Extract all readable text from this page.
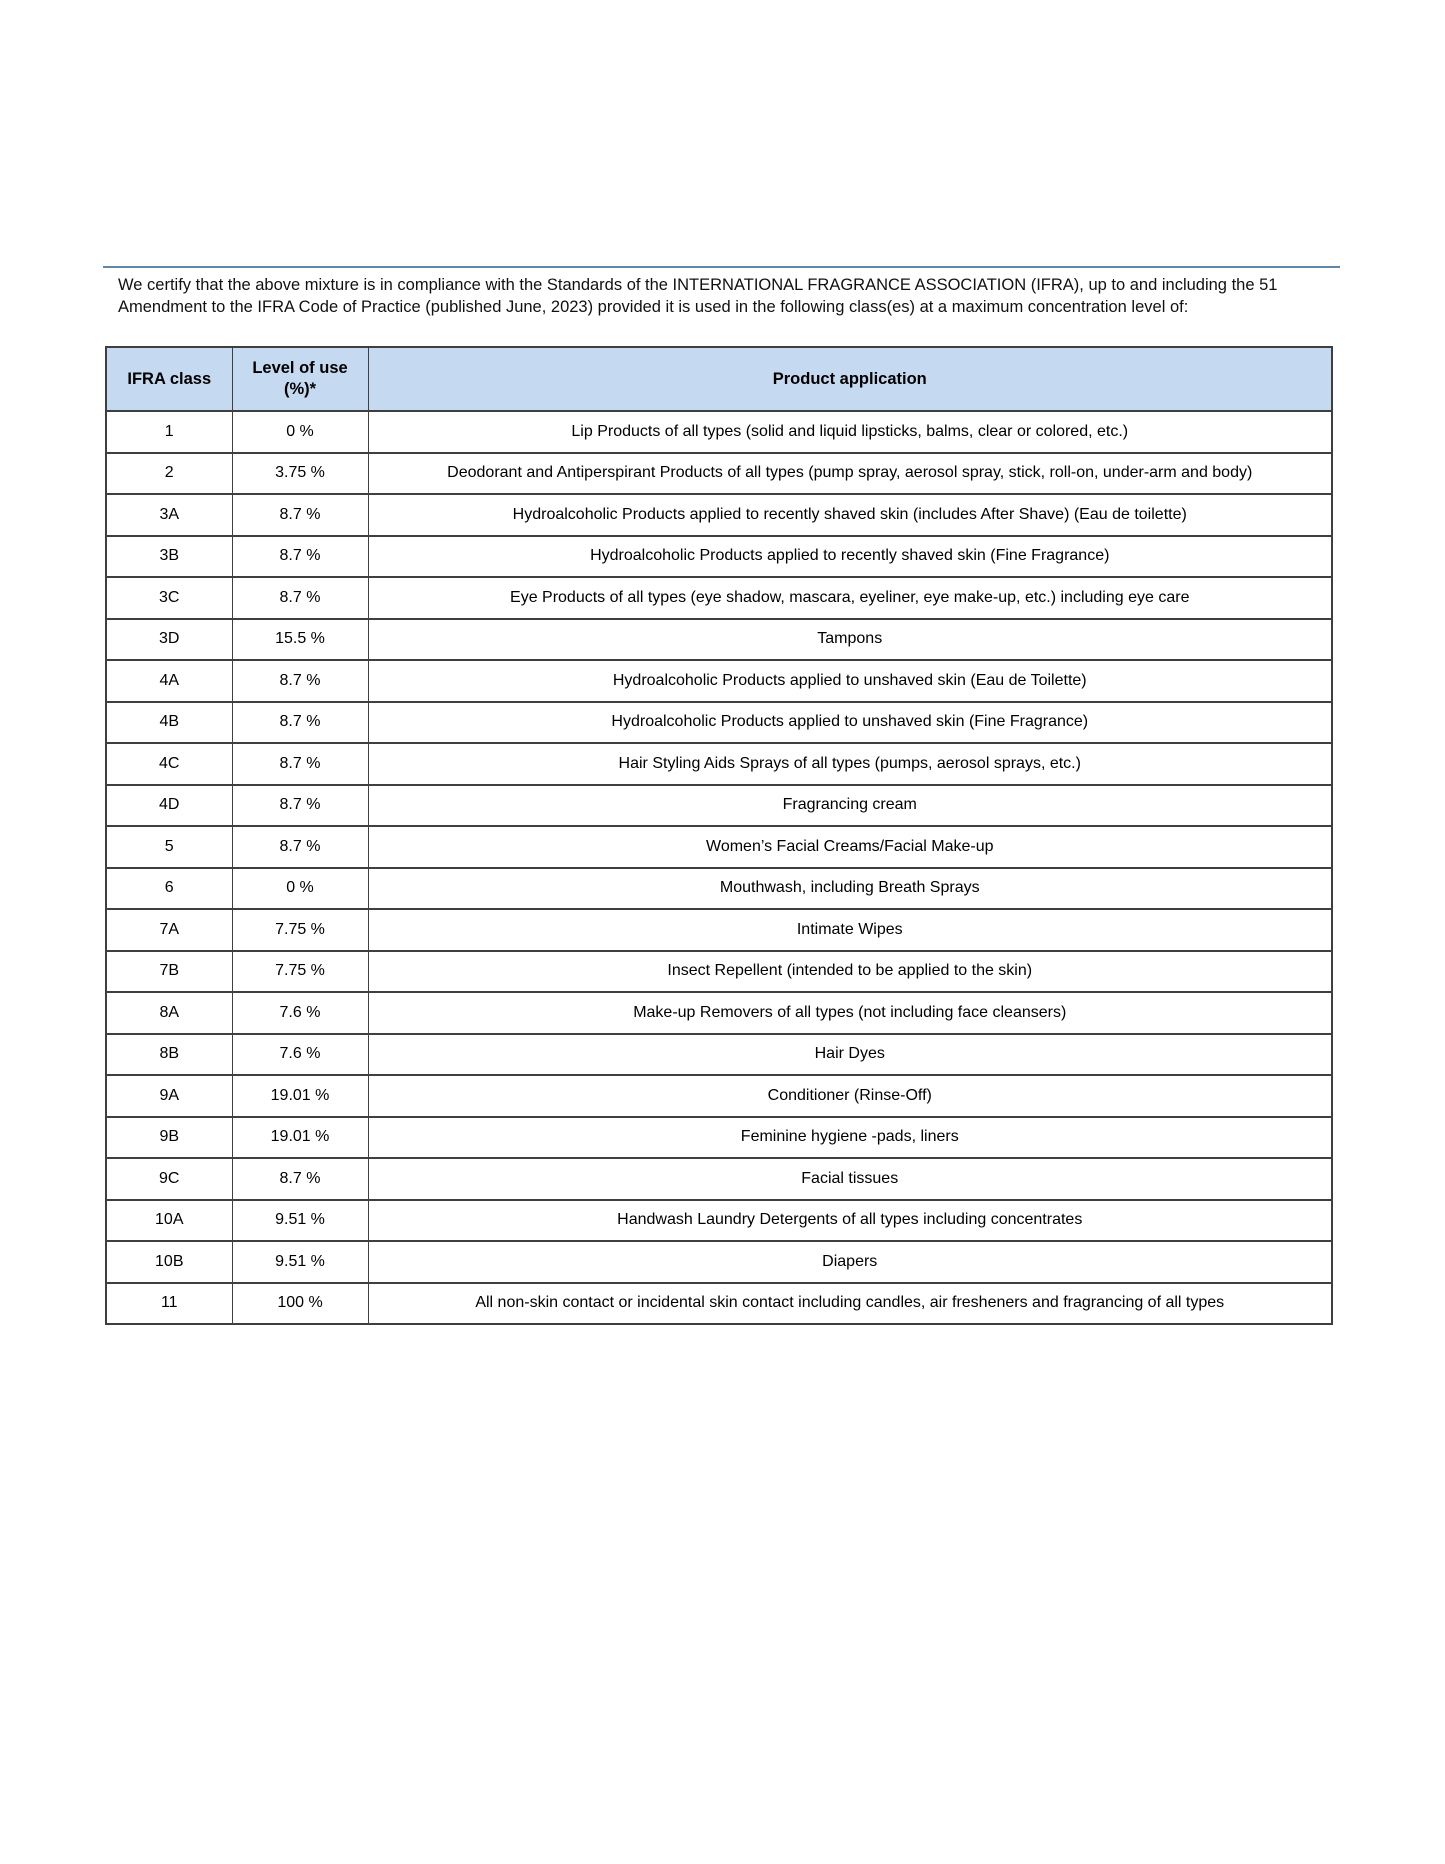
We certify that the above mixture is in compliance with the Standards of the INTERNATIONAL FRAGRANCE ASSOCIATION (IFRA), up to and including the 51 Amendment to the IFRA Code of Practice (published June, 2023) provided it is used in the following class(es) at a maximum concentration level of:

IFRA class	Level of use (%)*	Product application
1	0 %	Lip Products of all types (solid and liquid lipsticks, balms, clear or colored, etc.)
2	3.75 %	Deodorant and Antiperspirant Products of all types (pump spray, aerosol spray, stick, roll-on, under-arm and body)
3A	8.7 %	Hydroalcoholic Products applied to recently shaved skin (includes After Shave) (Eau de toilette)
3B	8.7 %	Hydroalcoholic Products applied to recently shaved skin (Fine Fragrance)
3C	8.7 %	Eye Products of all types (eye shadow, mascara, eyeliner, eye make-up, etc.) including eye care
3D	15.5 %	Tampons
4A	8.7 %	Hydroalcoholic Products applied to unshaved skin (Eau de Toilette)
4B	8.7 %	Hydroalcoholic Products applied to unshaved skin (Fine Fragrance)
4C	8.7 %	Hair Styling Aids Sprays of all types (pumps, aerosol sprays, etc.)
4D	8.7 %	Fragrancing cream
5	8.7 %	Women’s Facial Creams/Facial Make-up
6	0 %	Mouthwash, including Breath Sprays
7A	7.75 %	Intimate Wipes
7B	7.75 %	Insect Repellent (intended to be applied to the skin)
8A	7.6 %	Make-up Removers of all types (not including face cleansers)
8B	7.6 %	Hair Dyes
9A	19.01 %	Conditioner (Rinse-Off)
9B	19.01 %	Feminine hygiene -pads, liners
9C	8.7 %	Facial tissues
10A	9.51 %	Handwash Laundry Detergents of all types including concentrates
10B	9.51 %	Diapers
11	100 %	All non-skin contact or incidental skin contact including candles, air fresheners and fragrancing of all types
